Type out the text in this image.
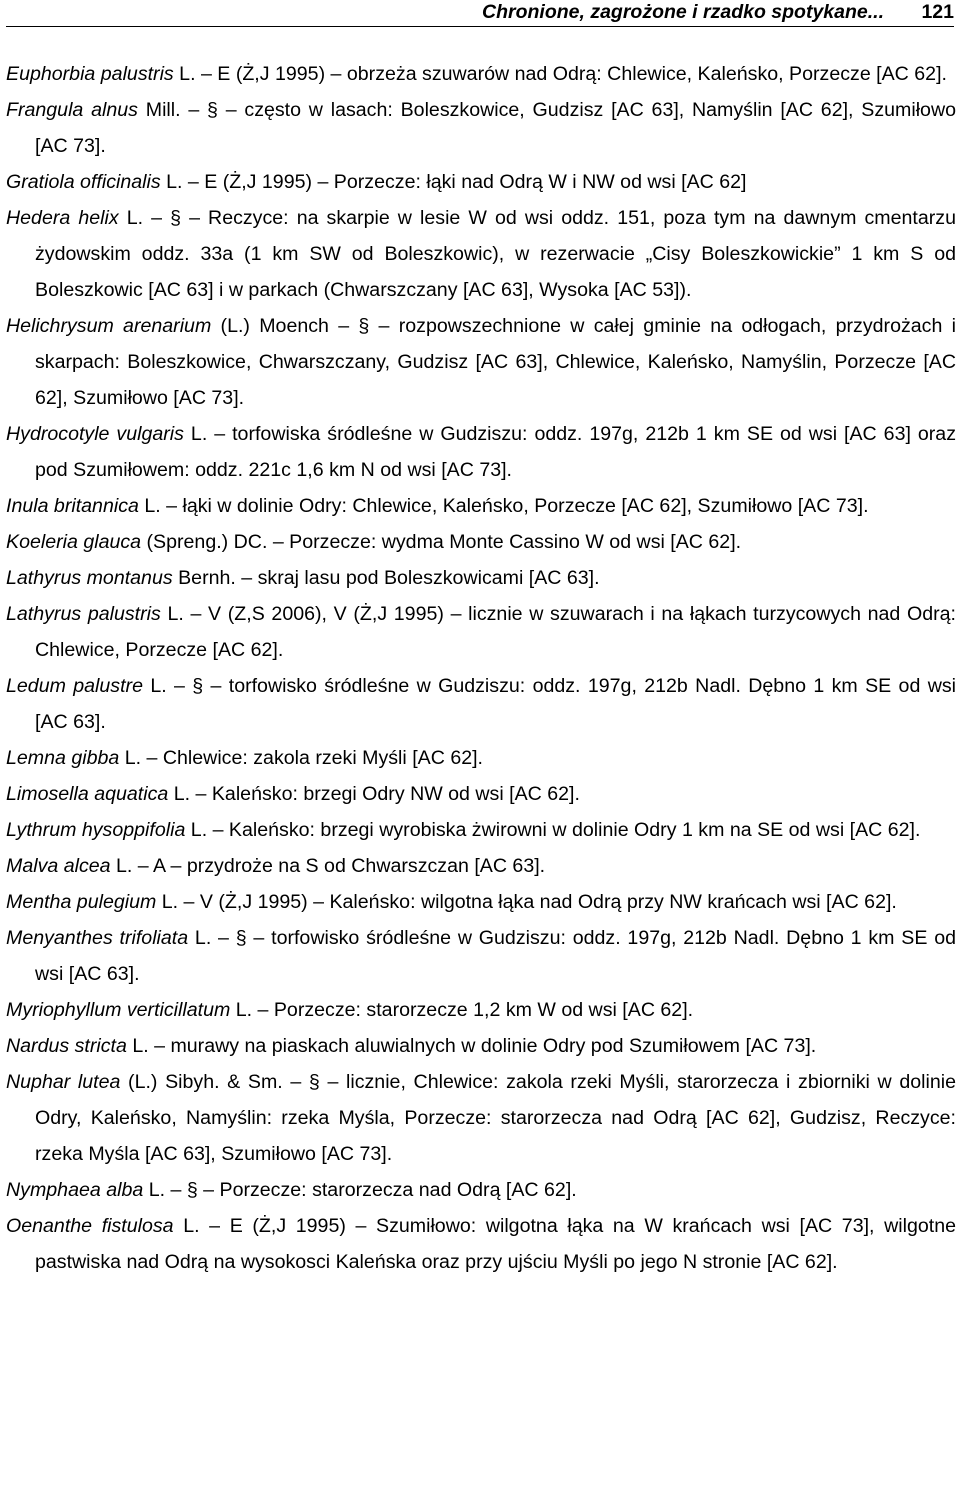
Chronione, zagrożone i rzadko spotykane... 121

Euphorbia palustris L. – E (Ż,J 1995) – obrzeża szuwarów nad Odrą: Chlewice, Kaleńsko, Porzecze [AC 62].

Frangula alnus Mill. – § – często w lasach: Boleszkowice, Gudzisz [AC 63], Namyślin [AC 62], Szumiłowo [AC 73].

Gratiola officinalis L. – E (Ż,J 1995) – Porzecze: łąki nad Odrą W i NW od wsi [AC 62]

Hedera helix L. – § – Reczyce: na skarpie w lesie W od wsi oddz. 151, poza tym na dawnym cmentarzu żydowskim oddz. 33a (1 km SW od Boleszkowic), w rezerwacie „Cisy Boleszkowickie” 1 km S od Boleszkowic [AC 63] i w parkach (Chwarszczany [AC 63], Wysoka [AC 53]).

Helichrysum arenarium (L.) Moench – § – rozpowszechnione w całej gminie na odłogach, przydrożach i skarpach: Boleszkowice, Chwarszczany, Gudzisz [AC 63], Chlewice, Kaleńsko, Namyślin, Porzecze [AC 62], Szumiłowo [AC 73].

Hydrocotyle vulgaris L. – torfowiska śródleśne w Gudziszu: oddz. 197g, 212b 1 km SE od wsi [AC 63] oraz pod Szumiłowem: oddz. 221c 1,6 km N od wsi [AC 73].

Inula britannica L. – łąki w dolinie Odry: Chlewice, Kaleńsko, Porzecze [AC 62], Szumiłowo [AC 73].

Koeleria glauca (Spreng.) DC. – Porzecze: wydma Monte Cassino W od wsi [AC 62].

Lathyrus montanus Bernh. – skraj lasu pod Boleszkowicami [AC 63].

Lathyrus palustris L. – V (Z,S 2006), V (Ż,J 1995) – licznie w szuwarach i na łąkach turzycowych nad Odrą: Chlewice, Porzecze [AC 62].

Ledum palustre L. – § – torfowisko śródleśne w Gudziszu: oddz. 197g, 212b Nadl. Dębno 1 km SE od wsi [AC 63].

Lemna gibba L. – Chlewice: zakola rzeki Myśli [AC 62].

Limosella aquatica L. – Kaleńsko: brzegi Odry NW od wsi [AC 62].

Lythrum hysoppifolia L. – Kaleńsko: brzegi wyrobiska żwirowni w dolinie Odry 1 km na SE od wsi [AC 62].

Malva alcea L. – A – przydroże na S od Chwarszczan [AC 63].

Mentha pulegium L. – V (Ż,J 1995) – Kaleńsko: wilgotna łąka nad Odrą przy NW krańcach wsi [AC 62].

Menyanthes trifoliata L. – § – torfowisko śródleśne w Gudziszu: oddz. 197g, 212b Nadl. Dębno 1 km SE od wsi [AC 63].

Myriophyllum verticillatum L. – Porzecze: starorzecze 1,2 km W od wsi [AC 62].

Nardus stricta L. – murawy na piaskach aluwialnych w dolinie Odry pod Szumiłowem [AC 73].

Nuphar lutea (L.) Sibyh. & Sm. – § – licznie, Chlewice: zakola rzeki Myśli, starorzecza i zbiorniki w dolinie Odry, Kaleńsko, Namyślin: rzeka Myśla, Porzecze: starorzecza nad Odrą [AC 62], Gudzisz, Reczyce: rzeka Myśla [AC 63], Szumiłowo [AC 73].

Nymphaea alba L. – § – Porzecze: starorzecza nad Odrą [AC 62].

Oenanthe fistulosa L. – E (Ż,J 1995) – Szumiłowo: wilgotna łąka na W krańcach wsi [AC 73], wilgotne pastwiska nad Odrą na wysokosci Kaleńska oraz przy ujściu Myśli po jego N stronie [AC 62].
